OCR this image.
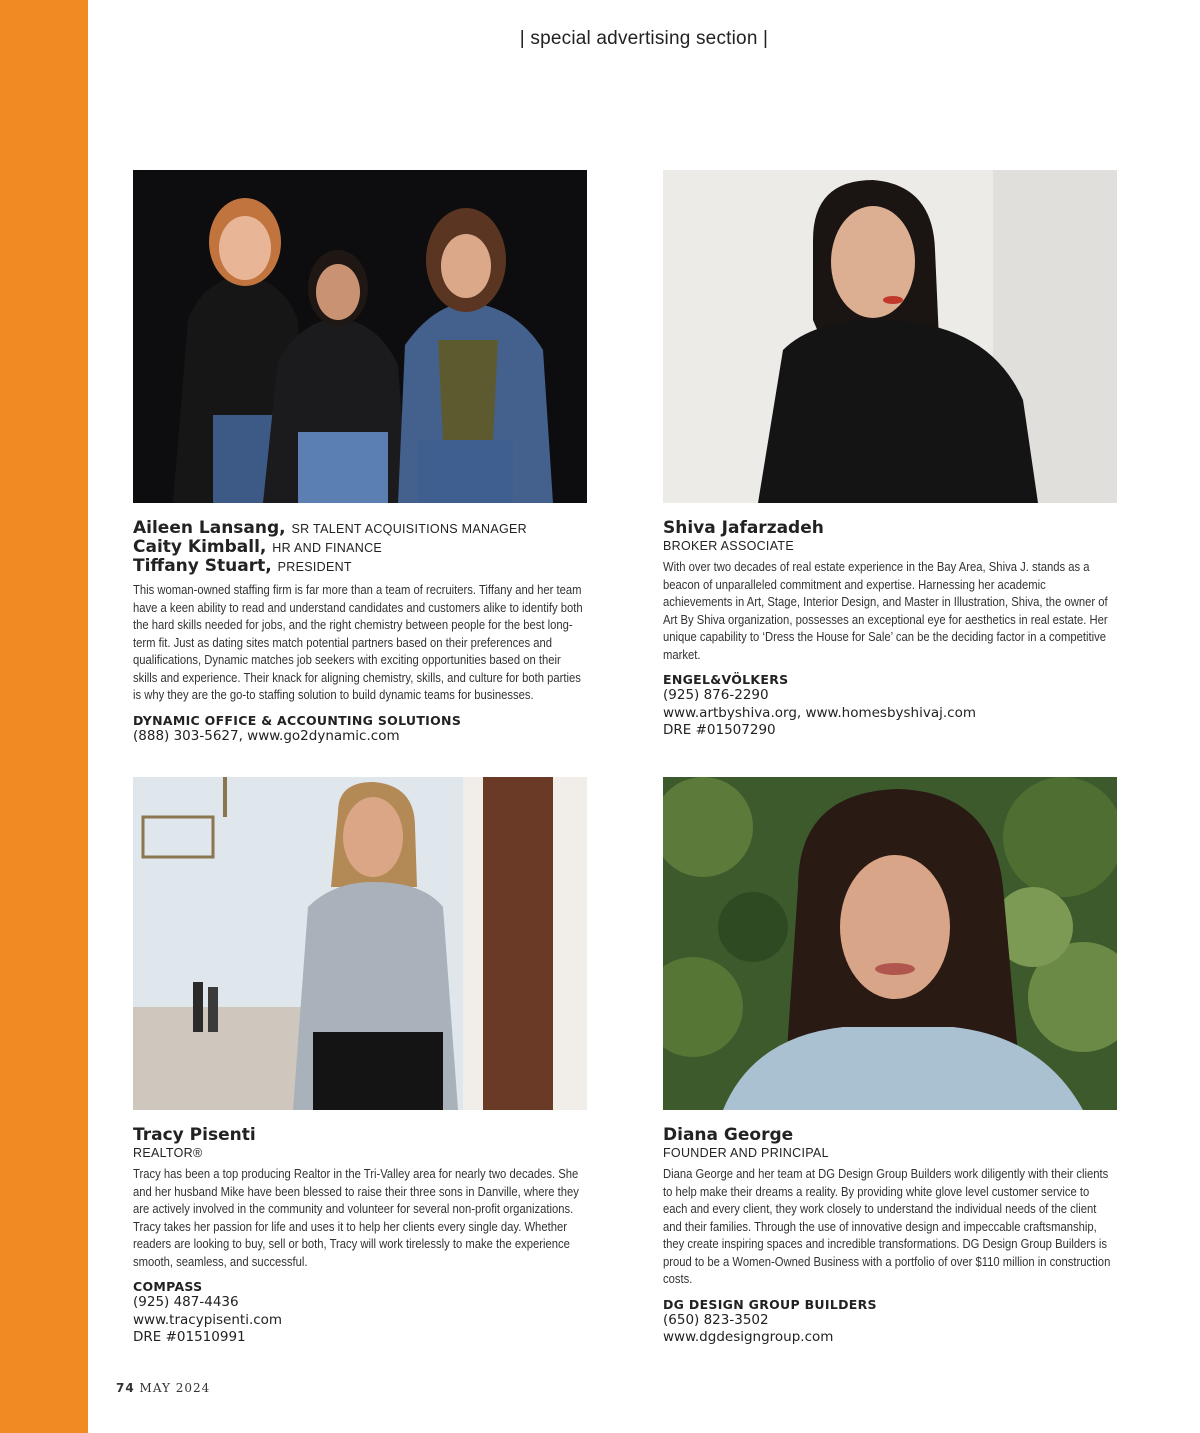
| special advertising section |
Aileen Lansang, SR TALENT ACQUISITIONS MANAGER
Caity Kimball, HR AND FINANCE
Tiffany Stuart, PRESIDENT
This woman-owned staffing firm is far more than a team of recruiters. Tiffany and her team have a keen ability to read and understand candidates and customers alike to identify both the hard skills needed for jobs, and the right chemistry between people for the best long-term fit. Just as dating sites match potential partners based on their preferences and qualifications, Dynamic matches job seekers with exciting opportunities based on their skills and experience. Their knack for aligning chemistry, skills, and culture for both parties is why they are the go-to staffing solution to build dynamic teams for businesses.
DYNAMIC OFFICE & ACCOUNTING SOLUTIONS
(888) 303-5627, www.go2dynamic.com
Shiva Jafarzadeh
BROKER ASSOCIATE
With over two decades of real estate experience in the Bay Area, Shiva J. stands as a beacon of unparalleled commitment and expertise. Harnessing her academic achievements in Art, Stage, Interior Design, and Master in Illustration, Shiva, the owner of Art By Shiva organization, possesses an exceptional eye for aesthetics in real estate. Her unique capability to ‘Dress the House for Sale’ can be the deciding factor in a competitive market.
ENGEL&VÖLKERS
(925) 876-2290
www.artbyshiva.org, www.homesbyshivaj.com
DRE #01507290
Tracy Pisenti
REALTOR®
Tracy has been a top producing Realtor in the Tri-Valley area for nearly two decades. She and her husband Mike have been blessed to raise their three sons in Danville, where they are actively involved in the community and volunteer for several non-profit organizations. Tracy takes her passion for life and uses it to help her clients every single day. Whether readers are looking to buy, sell or both, Tracy will work tirelessly to make the experience smooth, seamless, and successful.
COMPASS
(925) 487-4436
www.tracypisenti.com
DRE #01510991
Diana George
FOUNDER AND PRINCIPAL
Diana George and her team at DG Design Group Builders work diligently with their clients to help make their dreams a reality. By providing white glove level customer service to each and every client, they work closely to understand the individual needs of the client and their families. Through the use of innovative design and impeccable craftsmanship, they create inspiring spaces and incredible transformations. DG Design Group Builders is proud to be a Women-Owned Business with a portfolio of over $110 million in construction costs.
DG DESIGN GROUP BUILDERS
(650) 823-3502
www.dgdesigngroup.com
74 MAY 2024
